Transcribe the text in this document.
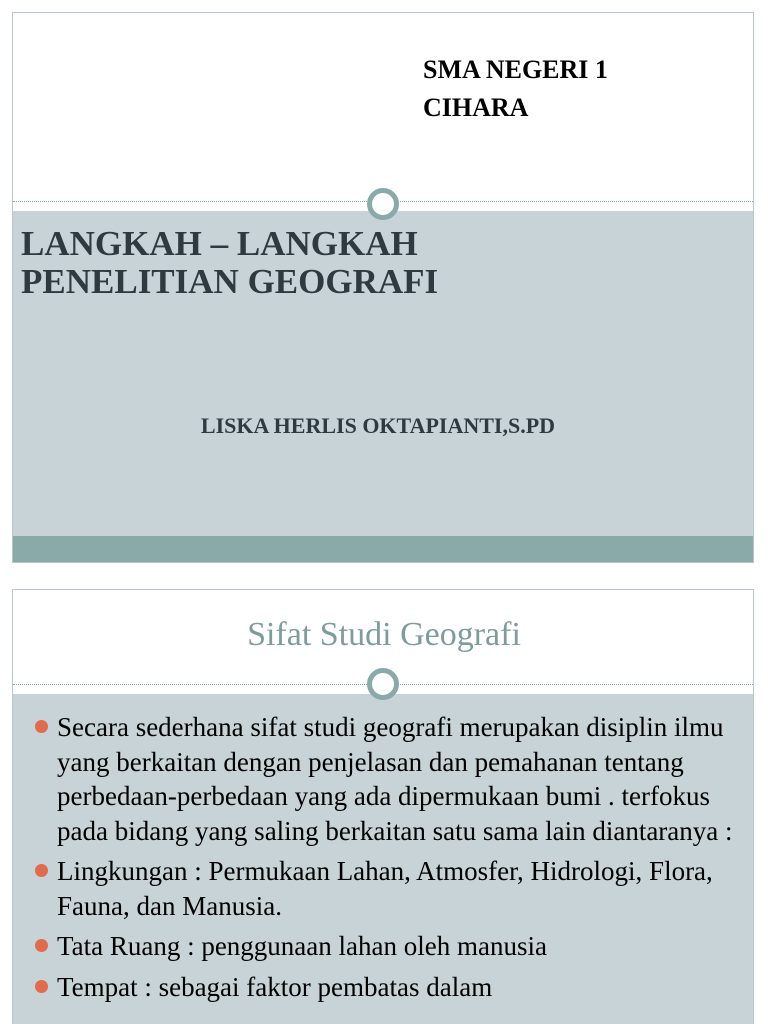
SMA NEGERI 1
CIHARA
LANGKAH – LANGKAH
PENELITIAN GEOGRAFI
LISKA HERLIS OKTAPIANTI,S.PD
Sifat Studi Geografi
Secara sederhana sifat studi geografi merupakan disiplin ilmu yang berkaitan dengan penjelasan dan pemahanan tentang perbedaan-perbedaan yang ada dipermukaan bumi . terfokus pada bidang yang saling berkaitan satu sama lain diantaranya :
Lingkungan : Permukaan Lahan, Atmosfer, Hidrologi, Flora, Fauna, dan Manusia.
Tata Ruang : penggunaan lahan oleh manusia
Tempat : sebagai faktor pembatas dalam
